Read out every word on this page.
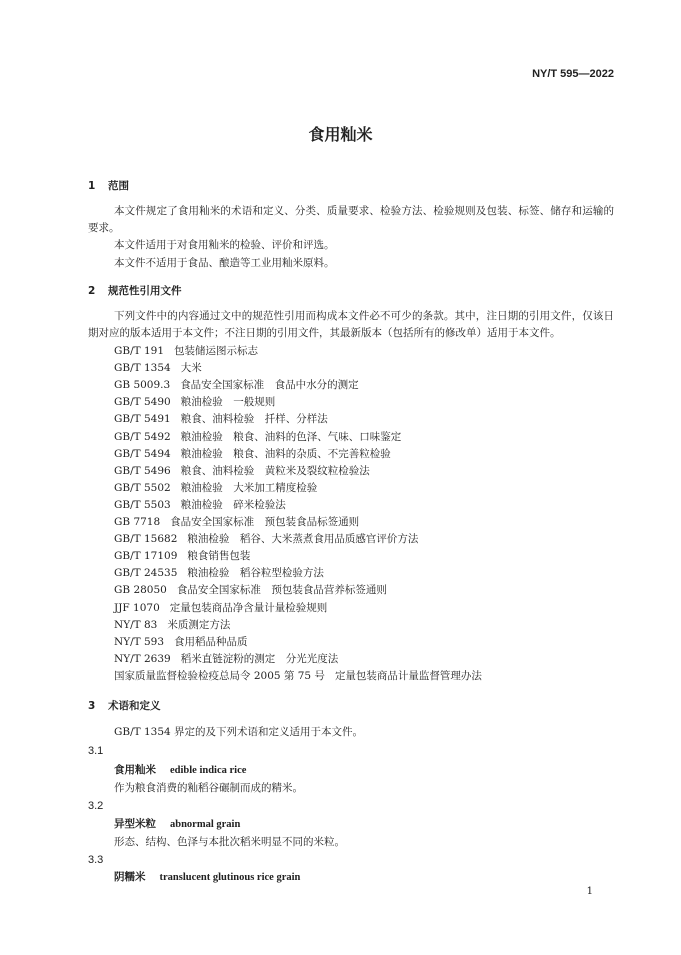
NY/T 595—2022
食用籼米
1 范围
本文件规定了食用籼米的术语和定义、分类、质量要求、检验方法、检验规则及包装、标签、储存和运输的要求。
本文件适用于对食用籼米的检验、评价和评选。
本文件不适用于食品、酿造等工业用籼米原料。
2 规范性引用文件
下列文件中的内容通过文中的规范性引用而构成本文件必不可少的条款。其中，注日期的引用文件，仅该日期对应的版本适用于本文件；不注日期的引用文件，其最新版本（包括所有的修改单）适用于本文件。
GB/T 191 包装储运图示标志
GB/T 1354 大米
GB 5009.3 食品安全国家标准　食品中水分的测定
GB/T 5490 粮油检验　一般规则
GB/T 5491 粮食、油料检验　扦样、分样法
GB/T 5492 粮油检验　粮食、油料的色泽、气味、口味鉴定
GB/T 5494 粮油检验　粮食、油料的杂质、不完善粒检验
GB/T 5496 粮食、油料检验　黄粒米及裂纹粒检验法
GB/T 5502 粮油检验　大米加工精度检验
GB/T 5503 粮油检验　碎米检验法
GB 7718 食品安全国家标准　预包装食品标签通则
GB/T 15682 粮油检验　稻谷、大米蒸煮食用品质感官评价方法
GB/T 17109 粮食销售包装
GB/T 24535 粮油检验　稻谷粒型检验方法
GB 28050 食品安全国家标准　预包装食品营养标签通则
JJF 1070 定量包装商品净含量计量检验规则
NY/T 83 米质测定方法
NY/T 593 食用稻品种品质
NY/T 2639 稻米直链淀粉的测定　分光光度法
国家质量监督检验检疫总局令 2005 第 75 号 定量包装商品计量监督管理办法
3 术语和定义
GB/T 1354 界定的及下列术语和定义适用于本文件。
3.1
食用籼米 edible indica rice
作为粮食消费的籼稻谷碾制而成的精米。
3.2
异型米粒 abnormal grain
形态、结构、色泽与本批次稻米明显不同的米粒。
3.3
阴糯米 translucent glutinous rice grain
1
